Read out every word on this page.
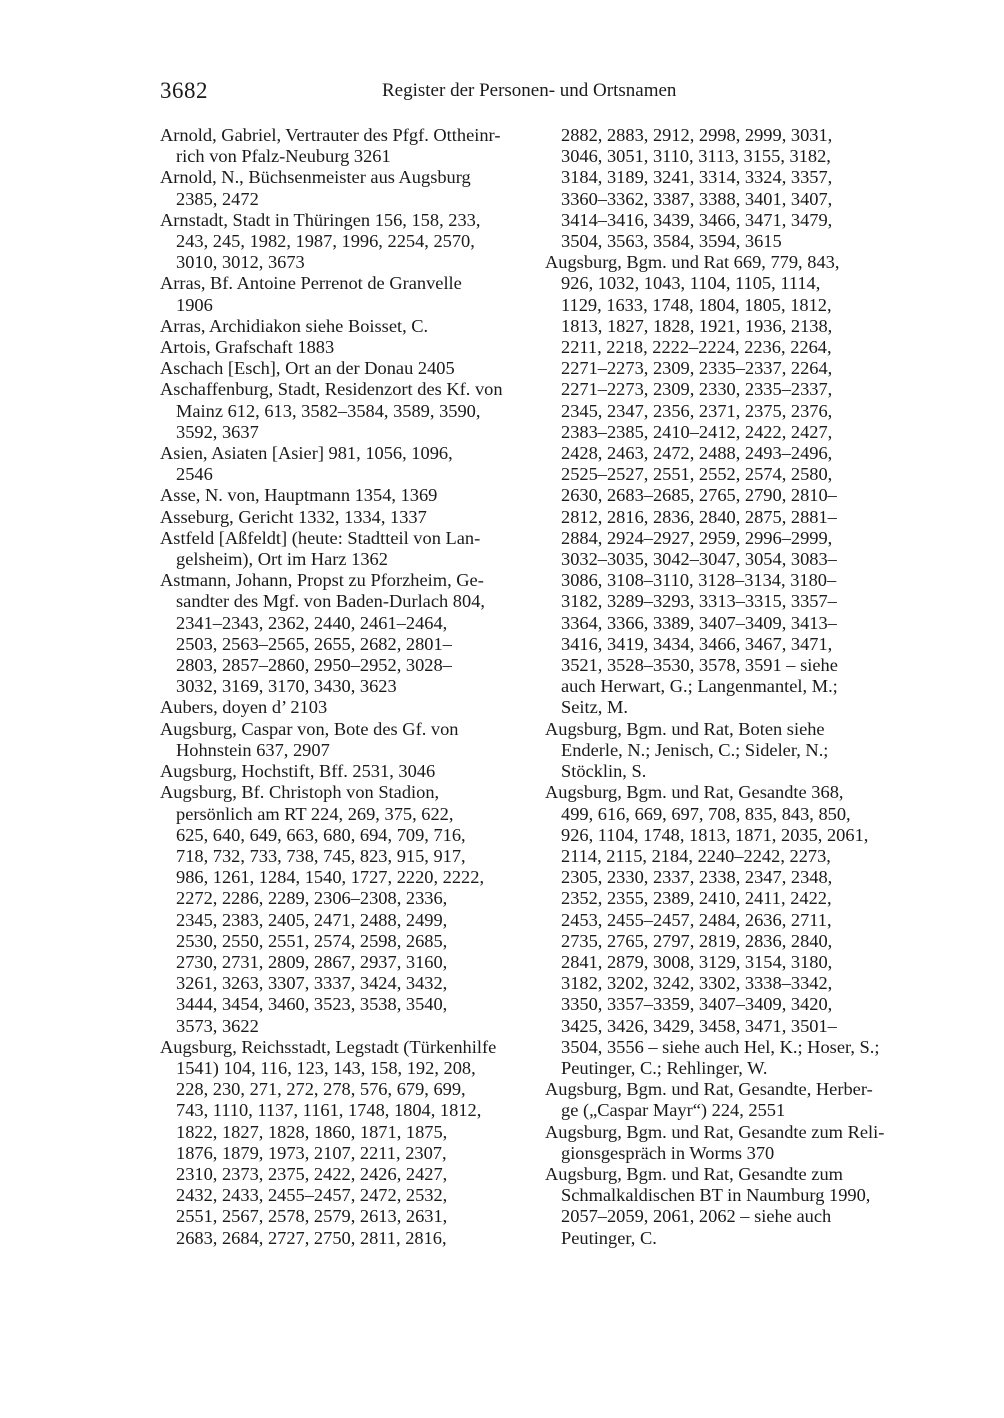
3682	Register der Personen- und Ortsnamen

Arnold, Gabriel, Vertrauter des Pfgf. Ottheinr-
rich von Pfalz-Neuburg 3261

Arnold, N., Büchsenmeister aus Augsburg
2385, 2472

Arnstadt, Stadt in Thüringen 156, 158, 233,
243, 245, 1982, 1987, 1996, 2254, 2570,
3010, 3012, 3673

Arras, Bf. Antoine Perrenot de Granvelle
1906

Arras, Archidiakon siehe Boisset, C.

Artois, Grafschaft 1883

Aschach [Esch], Ort an der Donau 2405

Aschaffenburg, Stadt, Residenzort des Kf. von
Mainz 612, 613, 3582–3584, 3589, 3590,
3592, 3637

Asien, Asiaten [Asier] 981, 1056, 1096,
2546

Asse, N. von, Hauptmann 1354, 1369

Asseburg, Gericht 1332, 1334, 1337

Astfeld [Aßfeldt] (heute: Stadtteil von Lan-
gelsheim), Ort im Harz 1362

Astmann, Johann, Propst zu Pforzheim, Ge-
sandter des Mgf. von Baden-Durlach 804,
2341–2343, 2362, 2440, 2461–2464,
2503, 2563–2565, 2655, 2682, 2801–
2803, 2857–2860, 2950–2952, 3028–
3032, 3169, 3170, 3430, 3623

Aubers, doyen d’ 2103

Augsburg, Caspar von, Bote des Gf. von
Hohnstein 637, 2907

Augsburg, Hochstift, Bff. 2531, 3046

Augsburg, Bf. Christoph von Stadion,
persönlich am RT 224, 269, 375, 622,
625, 640, 649, 663, 680, 694, 709, 716,
718, 732, 733, 738, 745, 823, 915, 917,
986, 1261, 1284, 1540, 1727, 2220, 2222,
2272, 2286, 2289, 2306–2308, 2336,
2345, 2383, 2405, 2471, 2488, 2499,
2530, 2550, 2551, 2574, 2598, 2685,
2730, 2731, 2809, 2867, 2937, 3160,
3261, 3263, 3307, 3337, 3424, 3432,
3444, 3454, 3460, 3523, 3538, 3540,
3573, 3622

Augsburg, Reichsstadt, Legstadt (Türkenhilfe
1541) 104, 116, 123, 143, 158, 192, 208,
228, 230, 271, 272, 278, 576, 679, 699,
743, 1110, 1137, 1161, 1748, 1804, 1812,
1822, 1827, 1828, 1860, 1871, 1875,
1876, 1879, 1973, 2107, 2211, 2307,
2310, 2373, 2375, 2422, 2426, 2427,
2432, 2433, 2455–2457, 2472, 2532,
2551, 2567, 2578, 2579, 2613, 2631,
2683, 2684, 2727, 2750, 2811, 2816,

2882, 2883, 2912, 2998, 2999, 3031,
3046, 3051, 3110, 3113, 3155, 3182,
3184, 3189, 3241, 3314, 3324, 3357,
3360–3362, 3387, 3388, 3401, 3407,
3414–3416, 3439, 3466, 3471, 3479,
3504, 3563, 3584, 3594, 3615

Augsburg, Bgm. und Rat 669, 779, 843,
926, 1032, 1043, 1104, 1105, 1114,
1129, 1633, 1748, 1804, 1805, 1812,
1813, 1827, 1828, 1921, 1936, 2138,
2211, 2218, 2222–2224, 2236, 2264,
2271–2273, 2309, 2335–2337, 2264,
2271–2273, 2309, 2330, 2335–2337,
2345, 2347, 2356, 2371, 2375, 2376,
2383–2385, 2410–2412, 2422, 2427,
2428, 2463, 2472, 2488, 2493–2496,
2525–2527, 2551, 2552, 2574, 2580,
2630, 2683–2685, 2765, 2790, 2810–
2812, 2816, 2836, 2840, 2875, 2881–
2884, 2924–2927, 2959, 2996–2999,
3032–3035, 3042–3047, 3054, 3083–
3086, 3108–3110, 3128–3134, 3180–
3182, 3289–3293, 3313–3315, 3357–
3364, 3366, 3389, 3407–3409, 3413–
3416, 3419, 3434, 3466, 3467, 3471,
3521, 3528–3530, 3578, 3591 – siehe
auch Herwart, G.; Langenmantel, M.;
Seitz, M.

Augsburg, Bgm. und Rat, Boten siehe
Enderle, N.; Jenisch, C.; Sideler, N.;
Stöcklin, S.

Augsburg, Bgm. und Rat, Gesandte 368,
499, 616, 669, 697, 708, 835, 843, 850,
926, 1104, 1748, 1813, 1871, 2035, 2061,
2114, 2115, 2184, 2240–2242, 2273,
2305, 2330, 2337, 2338, 2347, 2348,
2352, 2355, 2389, 2410, 2411, 2422,
2453, 2455–2457, 2484, 2636, 2711,
2735, 2765, 2797, 2819, 2836, 2840,
2841, 2879, 3008, 3129, 3154, 3180,
3182, 3202, 3242, 3302, 3338–3342,
3350, 3357–3359, 3407–3409, 3420,
3425, 3426, 3429, 3458, 3471, 3501–
3504, 3556 – siehe auch Hel, K.; Hoser, S.;
Peutinger, C.; Rehlinger, W.

Augsburg, Bgm. und Rat, Gesandte, Herber-
ge („Caspar Mayr“) 224, 2551

Augsburg, Bgm. und Rat, Gesandte zum Reli-
gionsgespräch in Worms 370

Augsburg, Bgm. und Rat, Gesandte zum
Schmalkaldischen BT in Naumburg 1990,
2057–2059, 2061, 2062 – siehe auch
Peutinger, C.
